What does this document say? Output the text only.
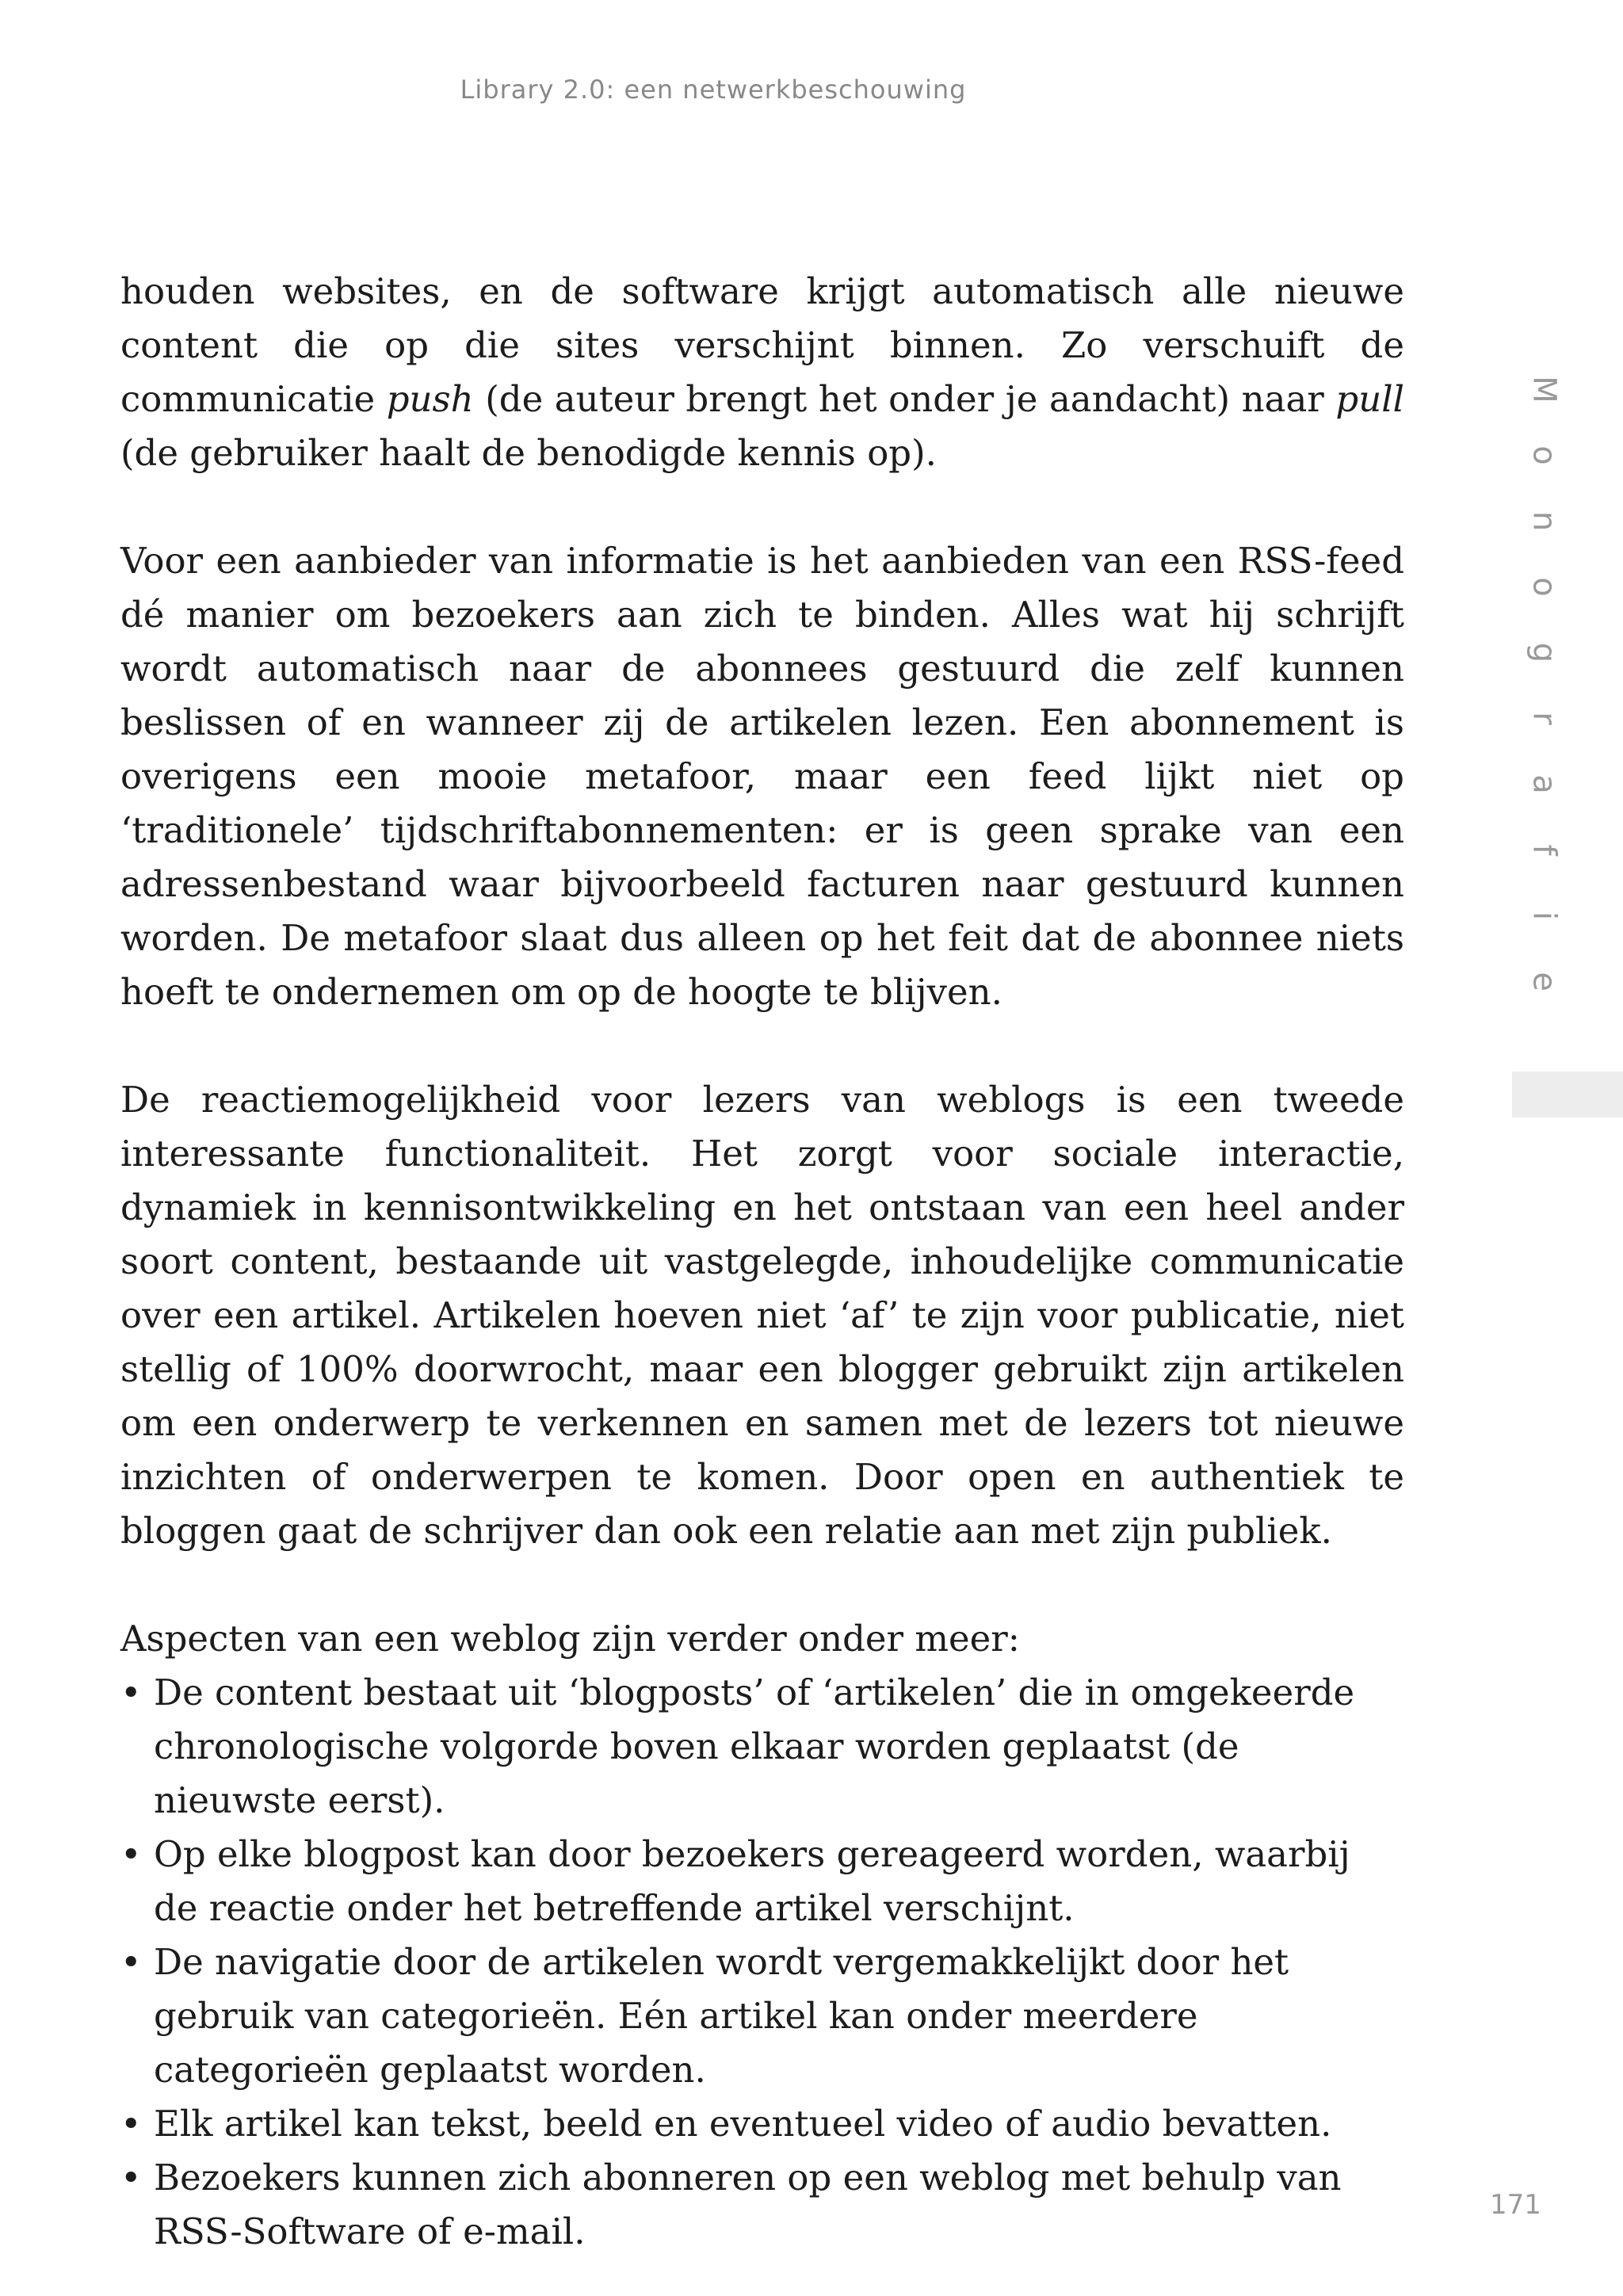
Library 2.0: een netwerkbeschouwing
M
o
n
o
g
r
a
f
i
e

houden websites, en de software krijgt automatisch alle nieuwe content die op die sites verschijnt binnen. Zo verschuift de communicatie push (de auteur brengt het onder je aandacht) naar pull (de gebruiker haalt de benodigde kennis op).

Voor een aanbieder van informatie is het aanbieden van een RSS-feed dé manier om bezoekers aan zich te binden. Alles wat hij schrijft wordt automatisch naar de abonnees gestuurd die zelf kunnen beslissen of en wanneer zij de artikelen lezen. Een abonnement is overigens een mooie metafoor, maar een feed lijkt niet op ‘traditionele’ tijdschriftabonnementen: er is geen sprake van een adressenbestand waar bijvoorbeeld facturen naar gestuurd kunnen worden. De metafoor slaat dus alleen op het feit dat de abonnee niets hoeft te ondernemen om op de hoogte te blijven.

De reactiemogelijkheid voor lezers van weblogs is een tweede interessante functionaliteit. Het zorgt voor sociale interactie, dynamiek in kennisontwikkeling en het ontstaan van een heel ander soort content, bestaande uit vastgelegde, inhoudelijke communicatie over een artikel. Artikelen hoeven niet ‘af’ te zijn voor publicatie, niet stellig of 100% doorwrocht, maar een blogger gebruikt zijn artikelen om een onderwerp te verkennen en samen met de lezers tot nieuwe inzichten of onderwerpen te komen. Door open en authentiek te bloggen gaat de schrijver dan ook een relatie aan met zijn publiek.

Aspecten van een weblog zijn verder onder meer:

• De content bestaat uit ‘blogposts’ of ‘artikelen’ die in omgekeerde chronologische volgorde boven elkaar worden geplaatst (de nieuwste eerst).
• Op elke blogpost kan door bezoekers gereageerd worden, waarbij de reactie onder het betreffende artikel verschijnt.
• De navigatie door de artikelen wordt vergemakkelijkt door het gebruik van categorieën. Eén artikel kan onder meerdere categorieën geplaatst worden.
• Elk artikel kan tekst, beeld en eventueel video of audio bevatten.
• Bezoekers kunnen zich abonneren op een weblog met behulp van RSS-Software of e-mail.
171
